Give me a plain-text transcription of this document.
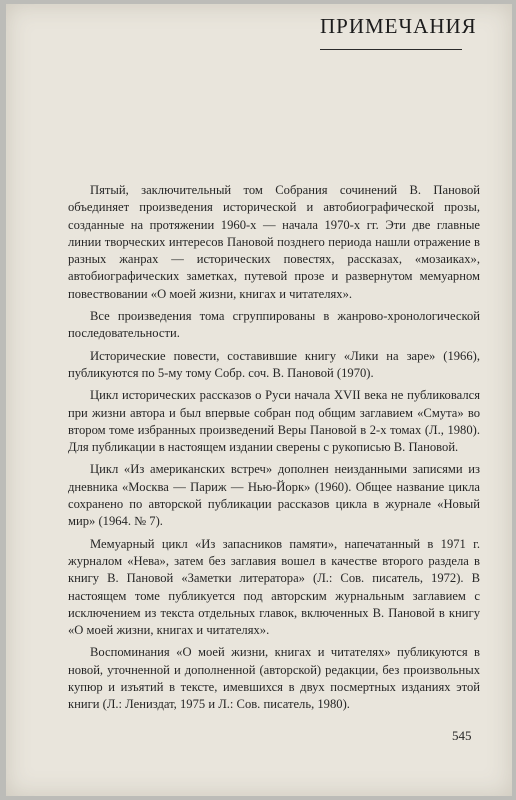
ПРИМЕЧАНИЯ

Пятый, заключительный том Собрания сочинений В. Пановой объединяет произведения исторической и автобиографической прозы, созданные на протяжении 1960-х — начала 1970-х гг. Эти две главные линии творческих интересов Пановой позднего периода нашли отражение в разных жанрах — исторических повестях, рассказах, «мозаиках», автобиографических заметках, путевой прозе и развернутом мемуарном повествовании «О моей жизни, книгах и читателях».

Все произведения тома сгруппированы в жанрово-хронологической последовательности.

Исторические повести, составившие книгу «Лики на заре» (1966), публикуются по 5-му тому Собр. соч. В. Пановой (1970).

Цикл исторических рассказов о Руси начала XVII века не публиковался при жизни автора и был впервые собран под общим заглавием «Смута» во втором томе избранных произведений Веры Пановой в 2-х томах (Л., 1980). Для публикации в настоящем издании сверены с рукописью В. Пановой.

Цикл «Из американских встреч» дополнен неизданными записями из дневника «Москва — Париж — Нью-Йорк» (1960). Общее название цикла сохранено по авторской публикации рассказов цикла в журнале «Новый мир» (1964. № 7).

Мемуарный цикл «Из запасников памяти», напечатанный в 1971 г. журналом «Нева», затем без заглавия вошел в качестве второго раздела в книгу В. Пановой «Заметки литератора» (Л.: Сов. писатель, 1972). В настоящем томе публикуется под авторским журнальным заглавием с исключением из текста отдельных главок, включенных В. Пановой в книгу «О моей жизни, книгах и читателях».

Воспоминания «О моей жизни, книгах и читателях» публикуются в новой, уточненной и дополненной (авторской) редакции, без произвольных купюр и изъятий в тексте, имевшихся в двух посмертных изданиях этой книги (Л.: Лениздат, 1975 и Л.: Сов. писатель, 1980).

545
